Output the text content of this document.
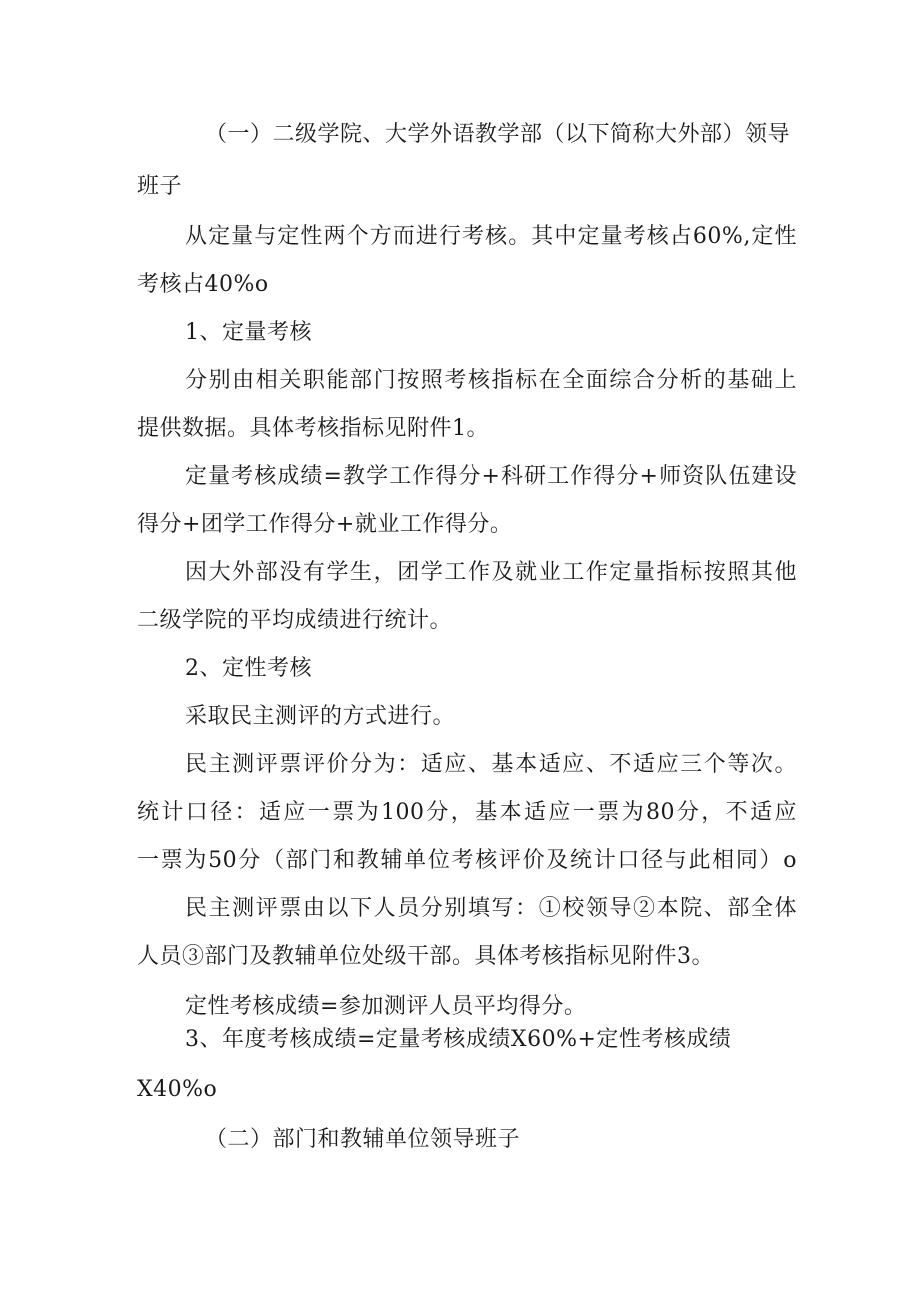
（一）二级学院、大学外语教学部（以下简称大外部）领导
班子
从定量与定性两个方而进行考核。其中定量考核占60%,定性
考核占40%o
1、定量考核
分别由相关职能部门按照考核指标在全面综合分析的基础上
提供数据。具体考核指标见附件1。
定量考核成绩=教学工作得分+科研工作得分+师资队伍建设
得分+团学工作得分+就业工作得分。
因大外部没有学生，团学工作及就业工作定量指标按照其他
二级学院的平均成绩进行统计。
2、定性考核
采取民主测评的方式进行。
民主测评票评价分为：适应、基本适应、不适应三个等次。
统计口径：适应一票为100分，基本适应一票为80分，不适应
一票为50分（部门和教辅单位考核评价及统计口径与此相同）o
民主测评票由以下人员分别填写：①校领导②本院、部全体
人员③部门及教辅单位处级干部。具体考核指标见附件3。
定性考核成绩=参加测评人员平均得分。
3、年度考核成绩=定量考核成绩X60%+定性考核成绩
X40%o
（二）部门和教辅单位领导班子
